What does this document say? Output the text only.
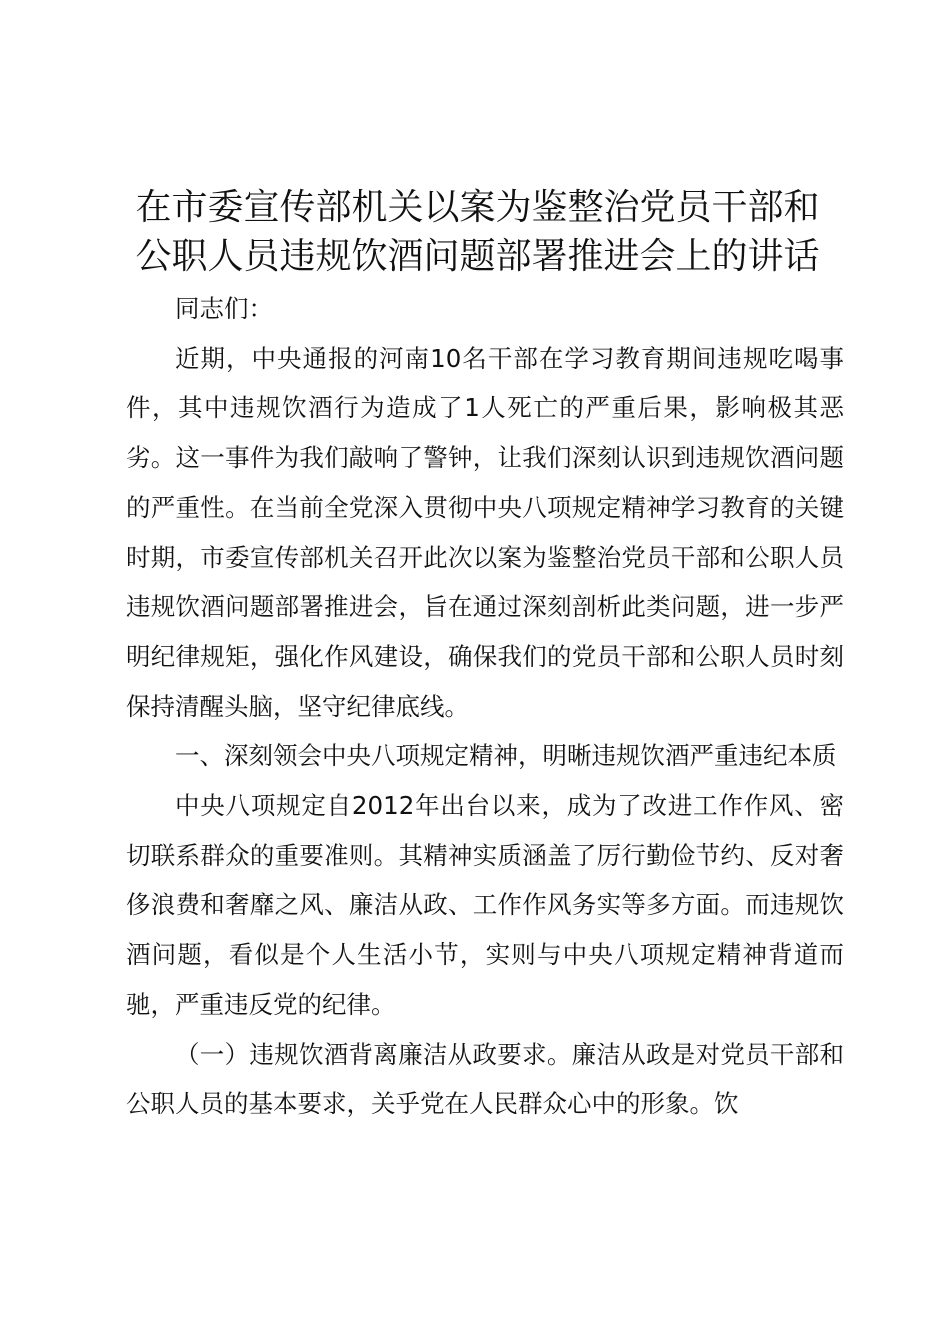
在市委宣传部机关以案为鉴整治党员干部和公职人员违规饮酒问题部署推进会上的讲话

同志们：

近期，中央通报的河南10名干部在学习教育期间违规吃喝事件，其中违规饮酒行为造成了1人死亡的严重后果，影响极其恶劣。这一事件为我们敲响了警钟，让我们深刻认识到违规饮酒问题的严重性。在当前全党深入贯彻中央八项规定精神学习教育的关键时期，市委宣传部机关召开此次以案为鉴整治党员干部和公职人员违规饮酒问题部署推进会，旨在通过深刻剖析此类问题，进一步严明纪律规矩，强化作风建设，确保我们的党员干部和公职人员时刻保持清醒头脑，坚守纪律底线。

一、深刻领会中央八项规定精神，明晰违规饮酒严重违纪本质

中央八项规定自2012年出台以来，成为了改进工作作风、密切联系群众的重要准则。其精神实质涵盖了厉行勤俭节约、反对奢侈浪费和奢靡之风、廉洁从政、工作作风务实等多方面。而违规饮酒问题，看似是个人生活小节，实则与中央八项规定精神背道而驰，严重违反党的纪律。

（一）违规饮酒背离廉洁从政要求。廉洁从政是对党员干部和公职人员的基本要求，关乎党在人民群众心中的形象。饮
